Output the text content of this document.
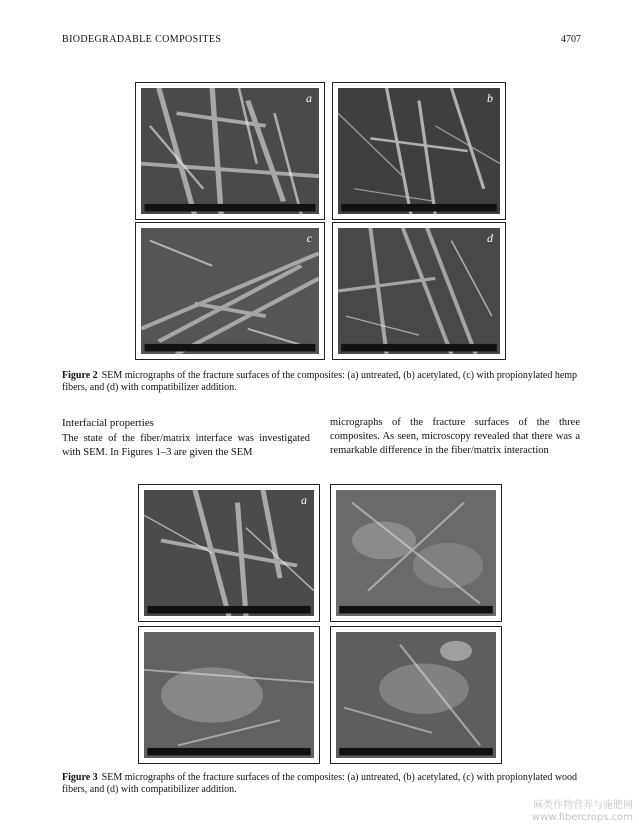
BIODEGRADABLE COMPOSITES	4707
a	b
c	d
Figure 2 SEM micrographs of the fracture surfaces of the composites: (a) untreated, (b) acetylated, (c) with propionylated hemp fibers, and (d) with compatibilizer addition.
Interfacial properties
The state of the fiber/matrix interface was investigated with SEM. In Figures 1–3 are given the SEM
micrographs of the fracture surfaces of the three composites. As seen, microscopy revealed that there was a remarkable difference in the fiber/matrix interaction
a
Figure 3 SEM micrographs of the fracture surfaces of the composites: (a) untreated, (b) acetylated, (c) with propionylated wood fibers, and (d) with compatibilizer addition.
麻类作物营养与施肥网
www.fibercrops.com
